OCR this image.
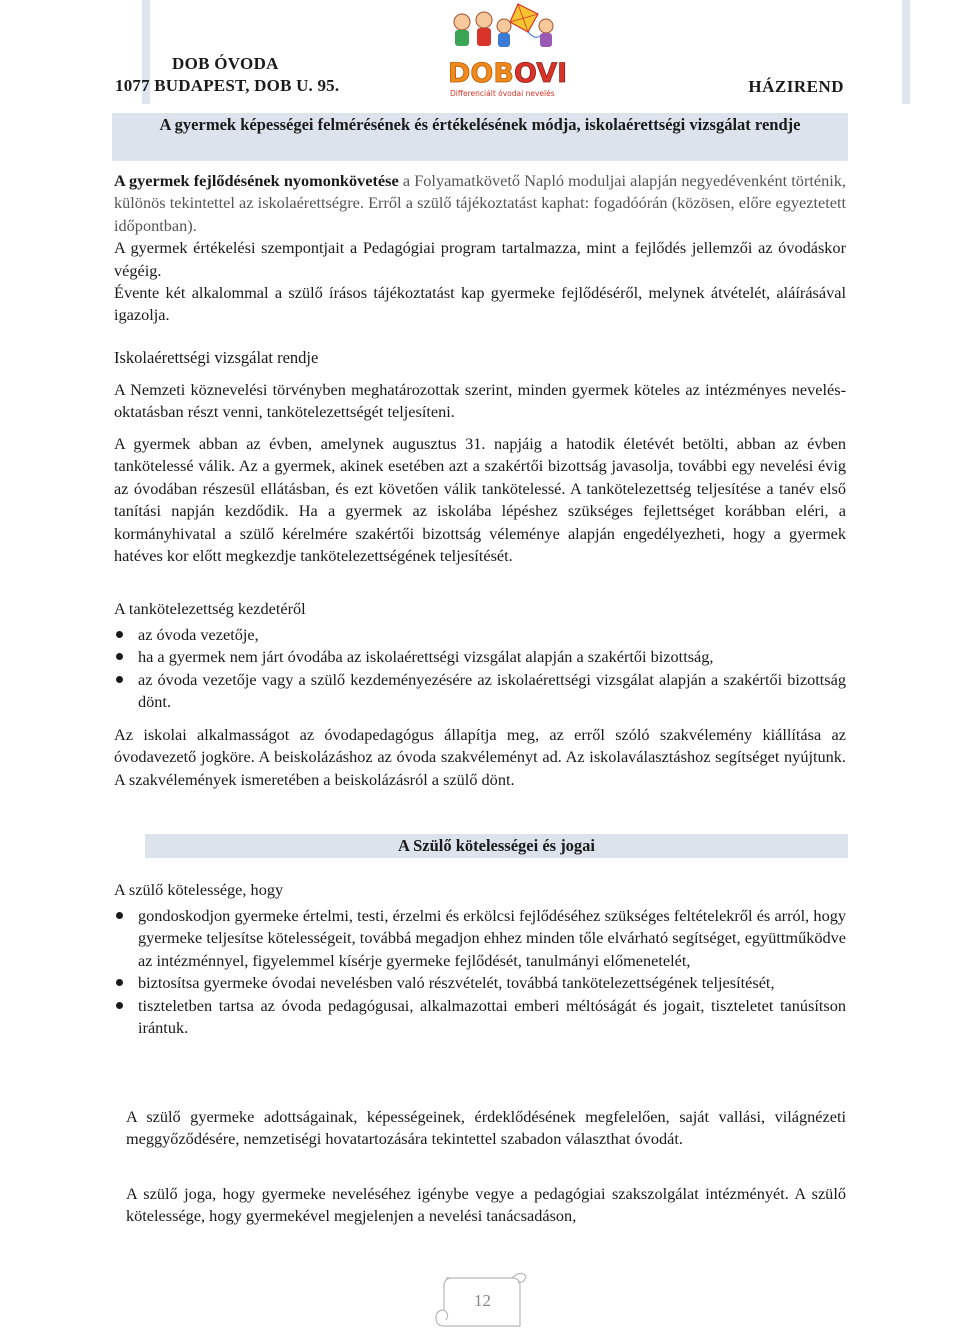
DOB ÓVODA
1077 BUDAPEST, DOB U. 95.	HÁZIREND
DOB OVI
Differenciált óvodai nevelés
A gyermek képességei felmérésének és értékelésének módja, iskolaérettségi vizsgálat rendje

A gyermek fejlődésének nyomonkövetése a Folyamatkövető Napló moduljai alapján negyedévenként történik, különös tekintettel az iskolaérettségre. Erről a szülő tájékoztatást kaphat: fogadóórán (közösen, előre egyeztetett időpontban).

A gyermek értékelési szempontjait a Pedagógiai program tartalmazza, mint a fejlődés jellemzői az óvodáskor végéig.

Évente két alkalommal a szülő írásos tájékoztatást kap gyermeke fejlődéséről, melynek átvételét, aláírásával igazolja.

Iskolaérettségi vizsgálat rendje

A Nemzeti köznevelési törvényben meghatározottak szerint, minden gyermek köteles az intézményes nevelés-oktatásban részt venni, tankötelezettségét teljesíteni.

A gyermek abban az évben, amelynek augusztus 31. napjáig a hatodik életévét betölti, abban az évben tankötelessé válik. Az a gyermek, akinek esetében azt a szakértői bizottság javasolja, további egy nevelési évig az óvodában részesül ellátásban, és ezt követően válik tankötelessé. A tankötelezettség teljesítése a tanév első tanítási napján kezdődik. Ha a gyermek az iskolába lépéshez szükséges fejlettséget korábban eléri, a kormányhivatal a szülő kérelmére szakértői bizottság véleménye alapján engedélyezheti, hogy a gyermek hatéves kor előtt megkezdje tankötelezettségének teljesítését.

A tankötelezettség kezdetéről
az óvoda vezetője,
ha a gyermek nem járt óvodába az iskolaérettségi vizsgálat alapján a szakértői bizottság,
az óvoda vezetője vagy a szülő kezdeményezésére az iskolaérettségi vizsgálat alapján a szakértői bizottság dönt.

Az iskolai alkalmasságot az óvodapedagógus állapítja meg, az erről szóló szakvélemény kiállítása az óvodavezető jogköre. A beiskolázáshoz az óvoda szakvéleményt ad. Az iskolaválasztáshoz segítséget nyújtunk. A szakvélemények ismeretében a beiskolázásról a szülő dönt.

A Szülő kötelességei és jogai
A szülő kötelessége, hogy
gondoskodjon gyermeke értelmi, testi, érzelmi és erkölcsi fejlődéséhez szükséges feltételekről és arról, hogy gyermeke teljesítse kötelességeit, továbbá megadjon ehhez minden tőle elvárható segítséget, együttműködve az intézménnyel, figyelemmel kísérje gyermeke fejlődését, tanulmányi előmenetelét,
biztosítsa gyermeke óvodai nevelésben való részvételét, továbbá tankötelezettségének teljesítését,
tiszteletben tartsa az óvoda pedagógusai, alkalmazottai emberi méltóságát és jogait, tiszteletet tanúsítson irántuk.

A szülő gyermeke adottságainak, képességeinek, érdeklődésének megfelelően, saját vallási, világnézeti meggyőződésére, nemzetiségi hovatartozására tekintettel szabadon választhat óvodát.

A szülő joga, hogy gyermeke neveléséhez igénybe vegye a pedagógiai szakszolgálat intézményét. A szülő kötelessége, hogy gyermekével megjelenjen a nevelési tanácsadáson,

12
